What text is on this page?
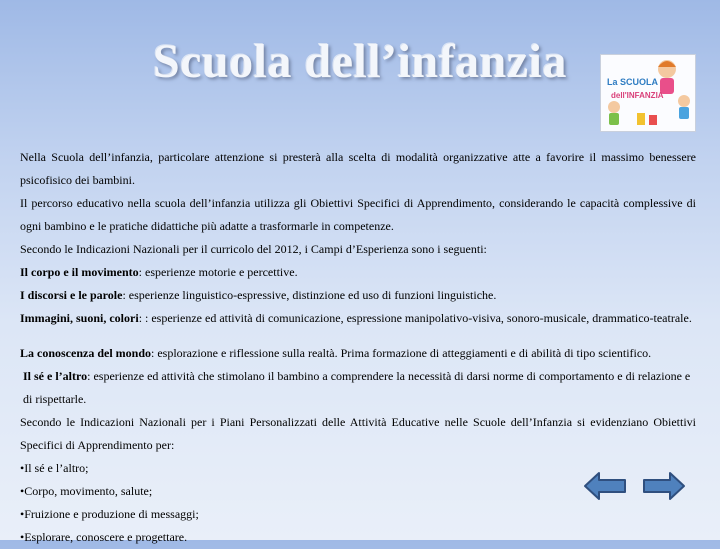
Scuola dell’infanzia	La SCUOLA
dell'INFANZIA

Nella Scuola dell’infanzia, particolare attenzione si presterà alla scelta di modalità organizzative atte a favorire il massimo benessere psicofisico dei bambini.

Il percorso educativo nella scuola dell’infanzia utilizza gli Obiettivi Specifici di Apprendimento, considerando le capacità complessive di ogni bambino e le pratiche didattiche più adatte a trasformarle in competenze.

Secondo le Indicazioni Nazionali per il curricolo del 2012, i Campi d’Esperienza sono i seguenti:

Il corpo e il movimento: esperienze motorie e percettive.

I discorsi e le parole: esperienze linguistico-espressive, distinzione ed uso di funzioni linguistiche.

Immagini, suoni, colori: : esperienze ed attività di comunicazione, espressione manipolativo-visiva, sonoro-musicale, drammatico-teatrale.

La conoscenza del mondo: esplorazione e riflessione sulla realtà. Prima formazione di atteggiamenti e di abilità di tipo scientifico.

Il sé e l’altro: esperienze ed attività che stimolano il bambino a comprendere la necessità di darsi norme di comportamento e di relazione e di rispettarle.

Secondo le Indicazioni Nazionali per i Piani Personalizzati delle Attività Educative nelle Scuole dell’Infanzia si evidenziano Obiettivi Specifici di Apprendimento per:

•Il sé e l’altro;

•Corpo, movimento, salute;

•Fruizione e produzione di messaggi;

•Esplorare, conoscere e progettare.
